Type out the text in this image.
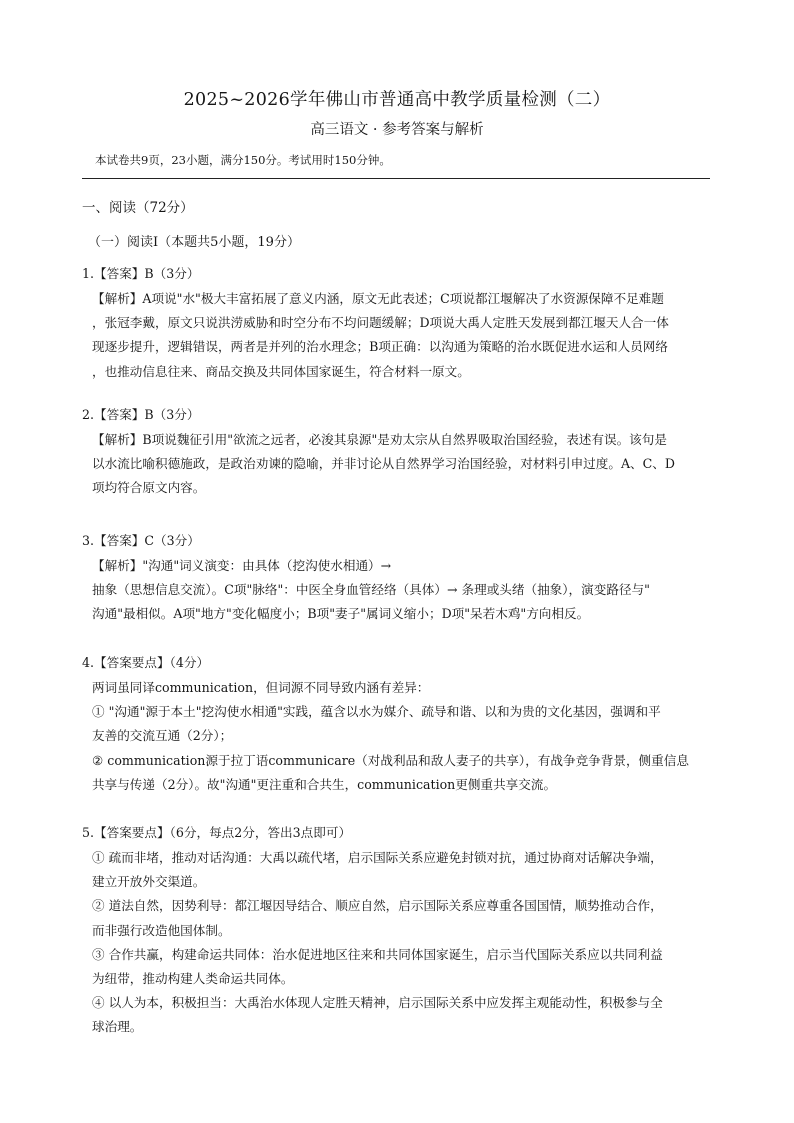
2025~2026学年佛山市普通高中教学质量检测（二）
高三语文 · 参考答案与解析
本试卷共9页，23小题，满分150分。考试用时150分钟。
一、阅读（72分）
（一）阅读Ⅰ（本题共5小题，19分）
1.【答案】B（3分）
【解析】A项说"水"极大丰富拓展了意义内涵，原文无此表述；C项说都江堰解决了水资源保障不足难题
，张冠李戴，原文只说洪涝威胁和时空分布不均问题缓解；D项说大禹人定胜天发展到都江堰天人合一体
现逐步提升，逻辑错误，两者是并列的治水理念；B项正确：以沟通为策略的治水既促进水运和人员网络
，也推动信息往来、商品交换及共同体国家诞生，符合材料一原文。
2.【答案】B（3分）
【解析】B项说魏征引用"欲流之远者，必浚其泉源"是劝太宗从自然界吸取治国经验，表述有误。该句是
以水流比喻积德施政，是政治劝谏的隐喻，并非讨论从自然界学习治国经验，对材料引申过度。A、C、D
项均符合原文内容。
3.【答案】C（3分）
【解析】"沟通"词义演变：由具体（挖沟使水相通）→
抽象（思想信息交流）。C项"脉络"：中医全身血管经络（具体）→ 条理或头绪（抽象），演变路径与"
沟通"最相似。A项"地方"变化幅度小；B项"妻子"属词义缩小；D项"呆若木鸡"方向相反。
4.【答案要点】（4分）
两词虽同译communication，但词源不同导致内涵有差异：
① "沟通"源于本土"挖沟使水相通"实践，蕴含以水为媒介、疏导和谐、以和为贵的文化基因，强调和平
友善的交流互通（2分）；
② communication源于拉丁语communicare（对战利品和敌人妻子的共享），有战争竞争背景，侧重信息
共享与传递（2分）。故"沟通"更注重和合共生，communication更侧重共享交流。
5.【答案要点】（6分，每点2分，答出3点即可）
① 疏而非堵，推动对话沟通：大禹以疏代堵，启示国际关系应避免封锁对抗，通过协商对话解决争端，
建立开放外交渠道。
② 道法自然，因势利导：都江堰因导结合、顺应自然，启示国际关系应尊重各国国情，顺势推动合作，
而非强行改造他国体制。
③ 合作共赢，构建命运共同体：治水促进地区往来和共同体国家诞生，启示当代国际关系应以共同利益
为纽带，推动构建人类命运共同体。
④ 以人为本，积极担当：大禹治水体现人定胜天精神，启示国际关系中应发挥主观能动性，积极参与全
球治理。
